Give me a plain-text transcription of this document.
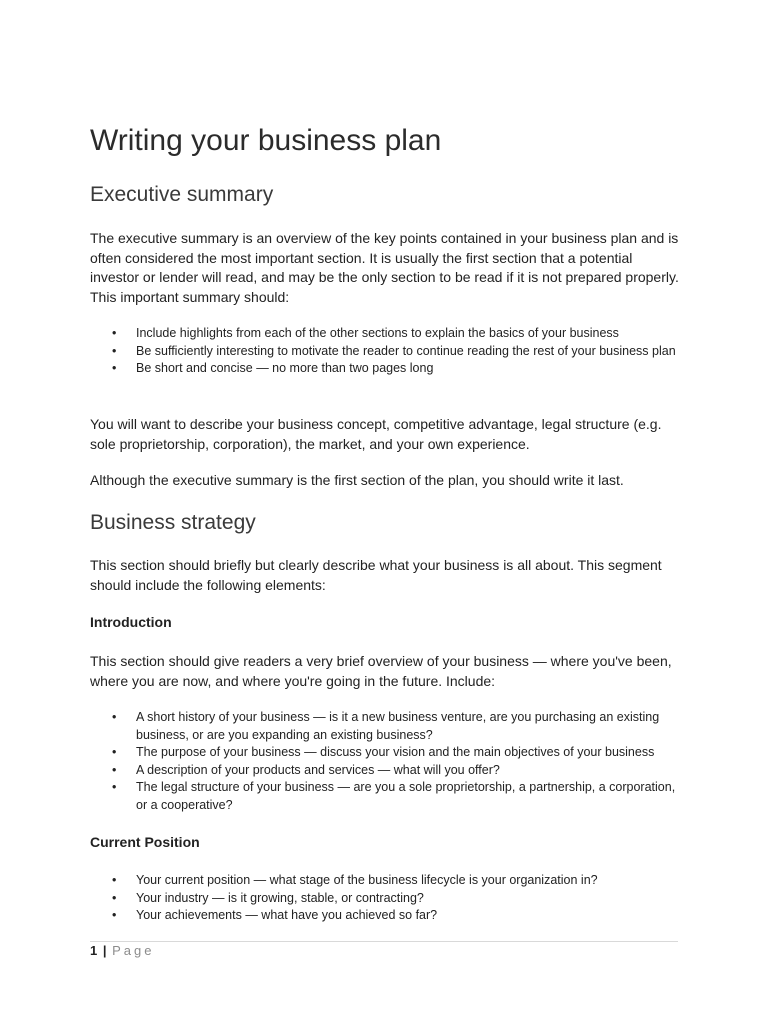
Writing your business plan
Executive summary

The executive summary is an overview of the key points contained in your business plan and is often considered the most important section. It is usually the first section that a potential investor or lender will read, and may be the only section to be read if it is not prepared properly. This important summary should:

• Include highlights from each of the other sections to explain the basics of your business
• Be sufficiently interesting to motivate the reader to continue reading the rest of your business plan
• Be short and concise — no more than two pages long

You will want to describe your business concept, competitive advantage, legal structure (e.g. sole proprietorship, corporation), the market, and your own experience.

Although the executive summary is the first section of the plan, you should write it last.

Business strategy

This section should briefly but clearly describe what your business is all about. This segment should include the following elements:

Introduction

This section should give readers a very brief overview of your business — where you've been, where you are now, and where you're going in the future. Include:

• A short history of your business — is it a new business venture, are you purchasing an existing business, or are you expanding an existing business?
• The purpose of your business — discuss your vision and the main objectives of your business
• A description of your products and services — what will you offer?
• The legal structure of your business — are you a sole proprietorship, a partnership, a corporation, or a cooperative?
Current Position
• Your current position — what stage of the business lifecycle is your organization in?
• Your industry — is it growing, stable, or contracting?
• Your achievements — what have you achieved so far?
1 | Page
